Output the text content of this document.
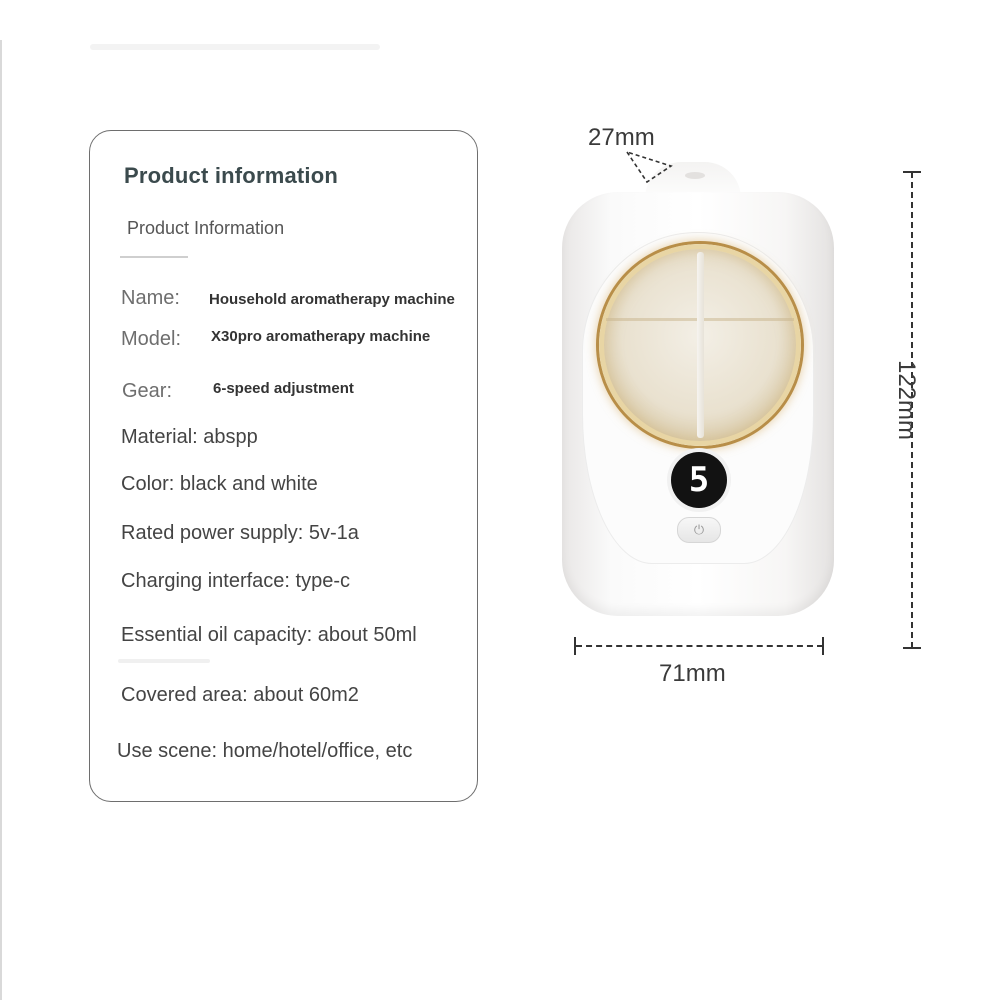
Product information
Product Information
Name: Household aromatherapy machine
Model: X30pro aromatherapy machine
Gear:	6-speed adjustment
Material: abspp
Color: black and white
Rated power supply: 5v-1a
Charging interface: type-c
Essential oil capacity: about 50ml
Covered area: about 60m2
Use scene: home/hotel/office, etc
5
⏻
27mm
71mm
122mm
